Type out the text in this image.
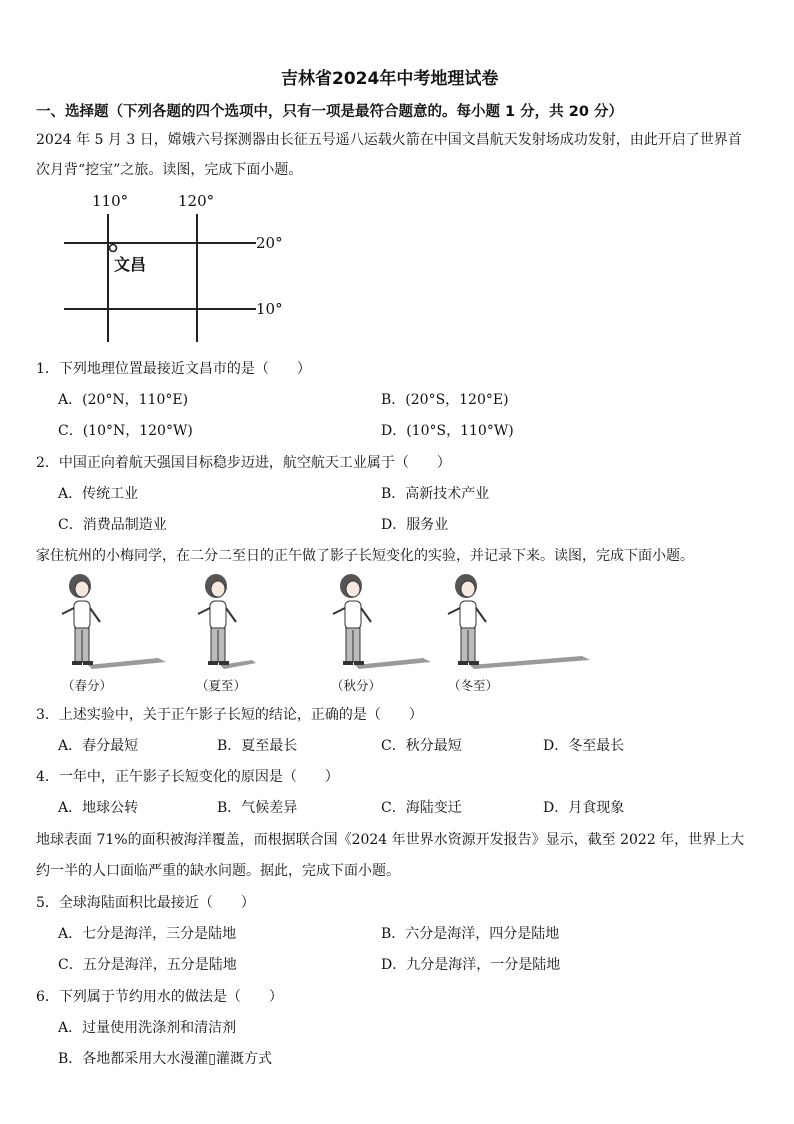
吉林省2024年中考地理试卷
一、选择题（下列各题的四个选项中，只有一项是最符合题意的。每小题 1 分，共 20 分）
2024 年 5 月 3 日，嫦娥六号探测器由长征五号遥八运载火箭在中国文昌航天发射场成功发射，由此开启了世界首
次月背“挖宝”之旅。读图，完成下面小题。
110°	120°
20°
10°
文昌
1．下列地理位置最接近文昌市的是（　　）
A．(20°N，110°E)	B．(20°S，120°E)
C．(10°N，120°W)	D．(10°S，110°W)
2．中国正向着航天强国目标稳步迈进，航空航天工业属于（　　）
A．传统工业	B．高新技术产业
C．消费品制造业	D．服务业
家住杭州的小梅同学，在二分二至日的正午做了影子长短变化的实验，并记录下来。读图，完成下面小题。
（春分）	（夏至）	（秋分）	（冬至）
3．上述实验中，关于正午影子长短的结论，正确的是（　　）
A．春分最短	B．夏至最长	C．秋分最短	D．冬至最长
4．一年中，正午影子长短变化的原因是（　　）
A．地球公转	B．气候差异	C．海陆变迁	D．月食现象
地球表面 71%的面积被海洋覆盖，而根据联合国《2024 年世界水资源开发报告》显示，截至 2022 年，世界上大
约一半的人口面临严重的缺水问题。据此，完成下面小题。
5．全球海陆面积比最接近（　　）
A．七分是海洋，三分是陆地	B．六分是海洋，四分是陆地
C．五分是海洋，五分是陆地	D．九分是海洋，一分是陆地
6．下列属于节约用水的做法是（　　）
A．过量使用洗涤剂和清洁剂
B．各地都采用大水漫灌▯灌溉方式
